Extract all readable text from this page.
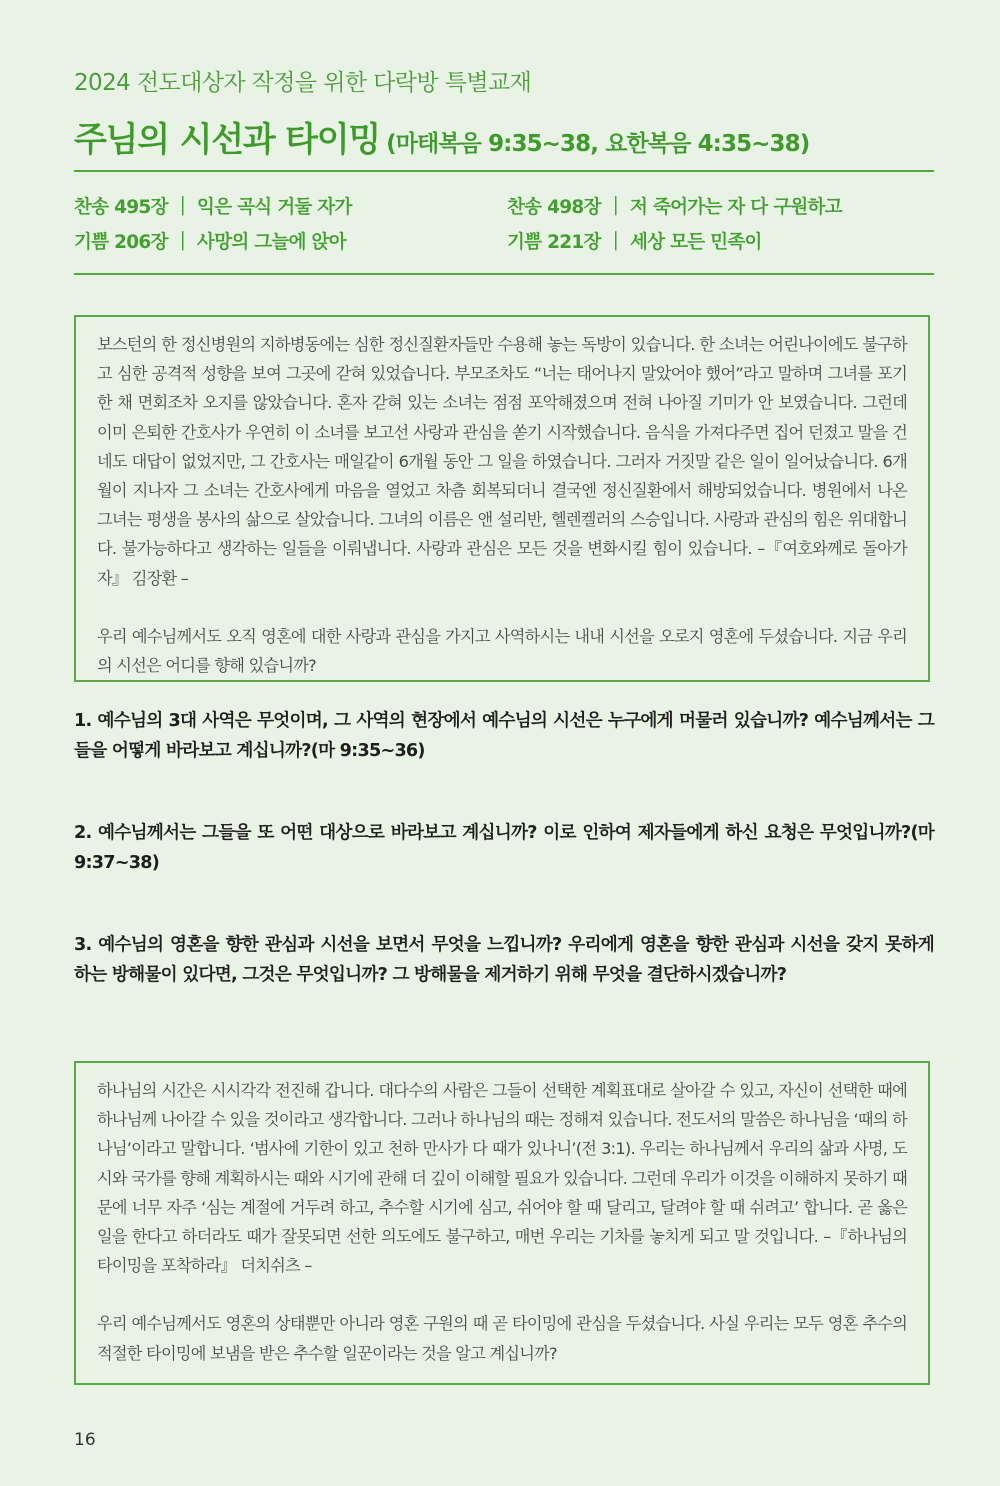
2024 전도대상자 작정을 위한 다락방 특별교재
주님의 시선과 타이밍 (마태복음 9:35~38, 요한복음 4:35~38)
찬송 495장 ｜ 익은 곡식 거둘 자가
기쁨 206장 ｜ 사망의 그늘에 앉아
찬송 498장 ｜ 저 죽어가는 자 다 구원하고
기쁨 221장 ｜ 세상 모든 민족이

보스턴의 한 정신병원의 지하병동에는 심한 정신질환자들만 수용해 놓는 독방이 있습니다. 한 소녀는 어린나이에도 불구하고 심한 공격적 성향을 보여 그곳에 갇혀 있었습니다. 부모조차도 “너는 태어나지 말았어야 했어”라고 말하며 그녀를 포기한 채 면회조차 오지를 않았습니다. 혼자 갇혀 있는 소녀는 점점 포악해졌으며 전혀 나아질 기미가 안 보였습니다. 그런데 이미 은퇴한 간호사가 우연히 이 소녀를 보고선 사랑과 관심을 쏟기 시작했습니다. 음식을 가져다주면 집어 던졌고 말을 건네도 대답이 없었지만, 그 간호사는 매일같이 6개월 동안 그 일을 하였습니다. 그러자 거짓말 같은 일이 일어났습니다. 6개월이 지나자 그 소녀는 간호사에게 마음을 열었고 차츰 회복되더니 결국엔 정신질환에서 해방되었습니다. 병원에서 나온 그녀는 평생을 봉사의 삶으로 살았습니다. 그녀의 이름은 앤 설리반, 헬렌켈러의 스승입니다. 사랑과 관심의 힘은 위대합니다. 불가능하다고 생각하는 일들을 이뤄냅니다. 사랑과 관심은 모든 것을 변화시킬 힘이 있습니다. –『여호와께로 돌아가자』 김장환 –

우리 예수님께서도 오직 영혼에 대한 사랑과 관심을 가지고 사역하시는 내내 시선을 오로지 영혼에 두셨습니다. 지금 우리의 시선은 어디를 향해 있습니까?

1. 예수님의 3대 사역은 무엇이며, 그 사역의 현장에서 예수님의 시선은 누구에게 머물러 있습니까? 예수님께서는 그들을 어떻게 바라보고 계십니까?(마 9:35~36)
2. 예수님께서는 그들을 또 어떤 대상으로 바라보고 계십니까? 이로 인하여 제자들에게 하신 요청은 무엇입니까?(마 9:37~38)
3. 예수님의 영혼을 향한 관심과 시선을 보면서 무엇을 느낍니까? 우리에게 영혼을 향한 관심과 시선을 갖지 못하게 하는 방해물이 있다면, 그것은 무엇입니까? 그 방해물을 제거하기 위해 무엇을 결단하시겠습니까?

하나님의 시간은 시시각각 전진해 갑니다. 대다수의 사람은 그들이 선택한 계획표대로 살아갈 수 있고, 자신이 선택한 때에 하나님께 나아갈 수 있을 것이라고 생각합니다. 그러나 하나님의 때는 정해져 있습니다. 전도서의 말씀은 하나님을 ‘때의 하나님’이라고 말합니다. ‘범사에 기한이 있고 천하 만사가 다 때가 있나니’(전 3:1). 우리는 하나님께서 우리의 삶과 사명, 도시와 국가를 향해 계획하시는 때와 시기에 관해 더 깊이 이해할 필요가 있습니다. 그런데 우리가 이것을 이해하지 못하기 때문에 너무 자주 ‘심는 계절에 거두려 하고, 추수할 시기에 심고, 쉬어야 할 때 달리고, 달려야 할 때 쉬려고’ 합니다. 곧 옳은 일을 한다고 하더라도 때가 잘못되면 선한 의도에도 불구하고, 매번 우리는 기차를 놓치게 되고 말 것입니다. –『하나님의 타이밍을 포착하라』 더치쉬츠 –

우리 예수님께서도 영혼의 상태뿐만 아니라 영혼 구원의 때 곧 타이밍에 관심을 두셨습니다. 사실 우리는 모두 영혼 추수의 적절한 타이밍에 보냄을 받은 추수할 일꾼이라는 것을 알고 계십니까?

16
